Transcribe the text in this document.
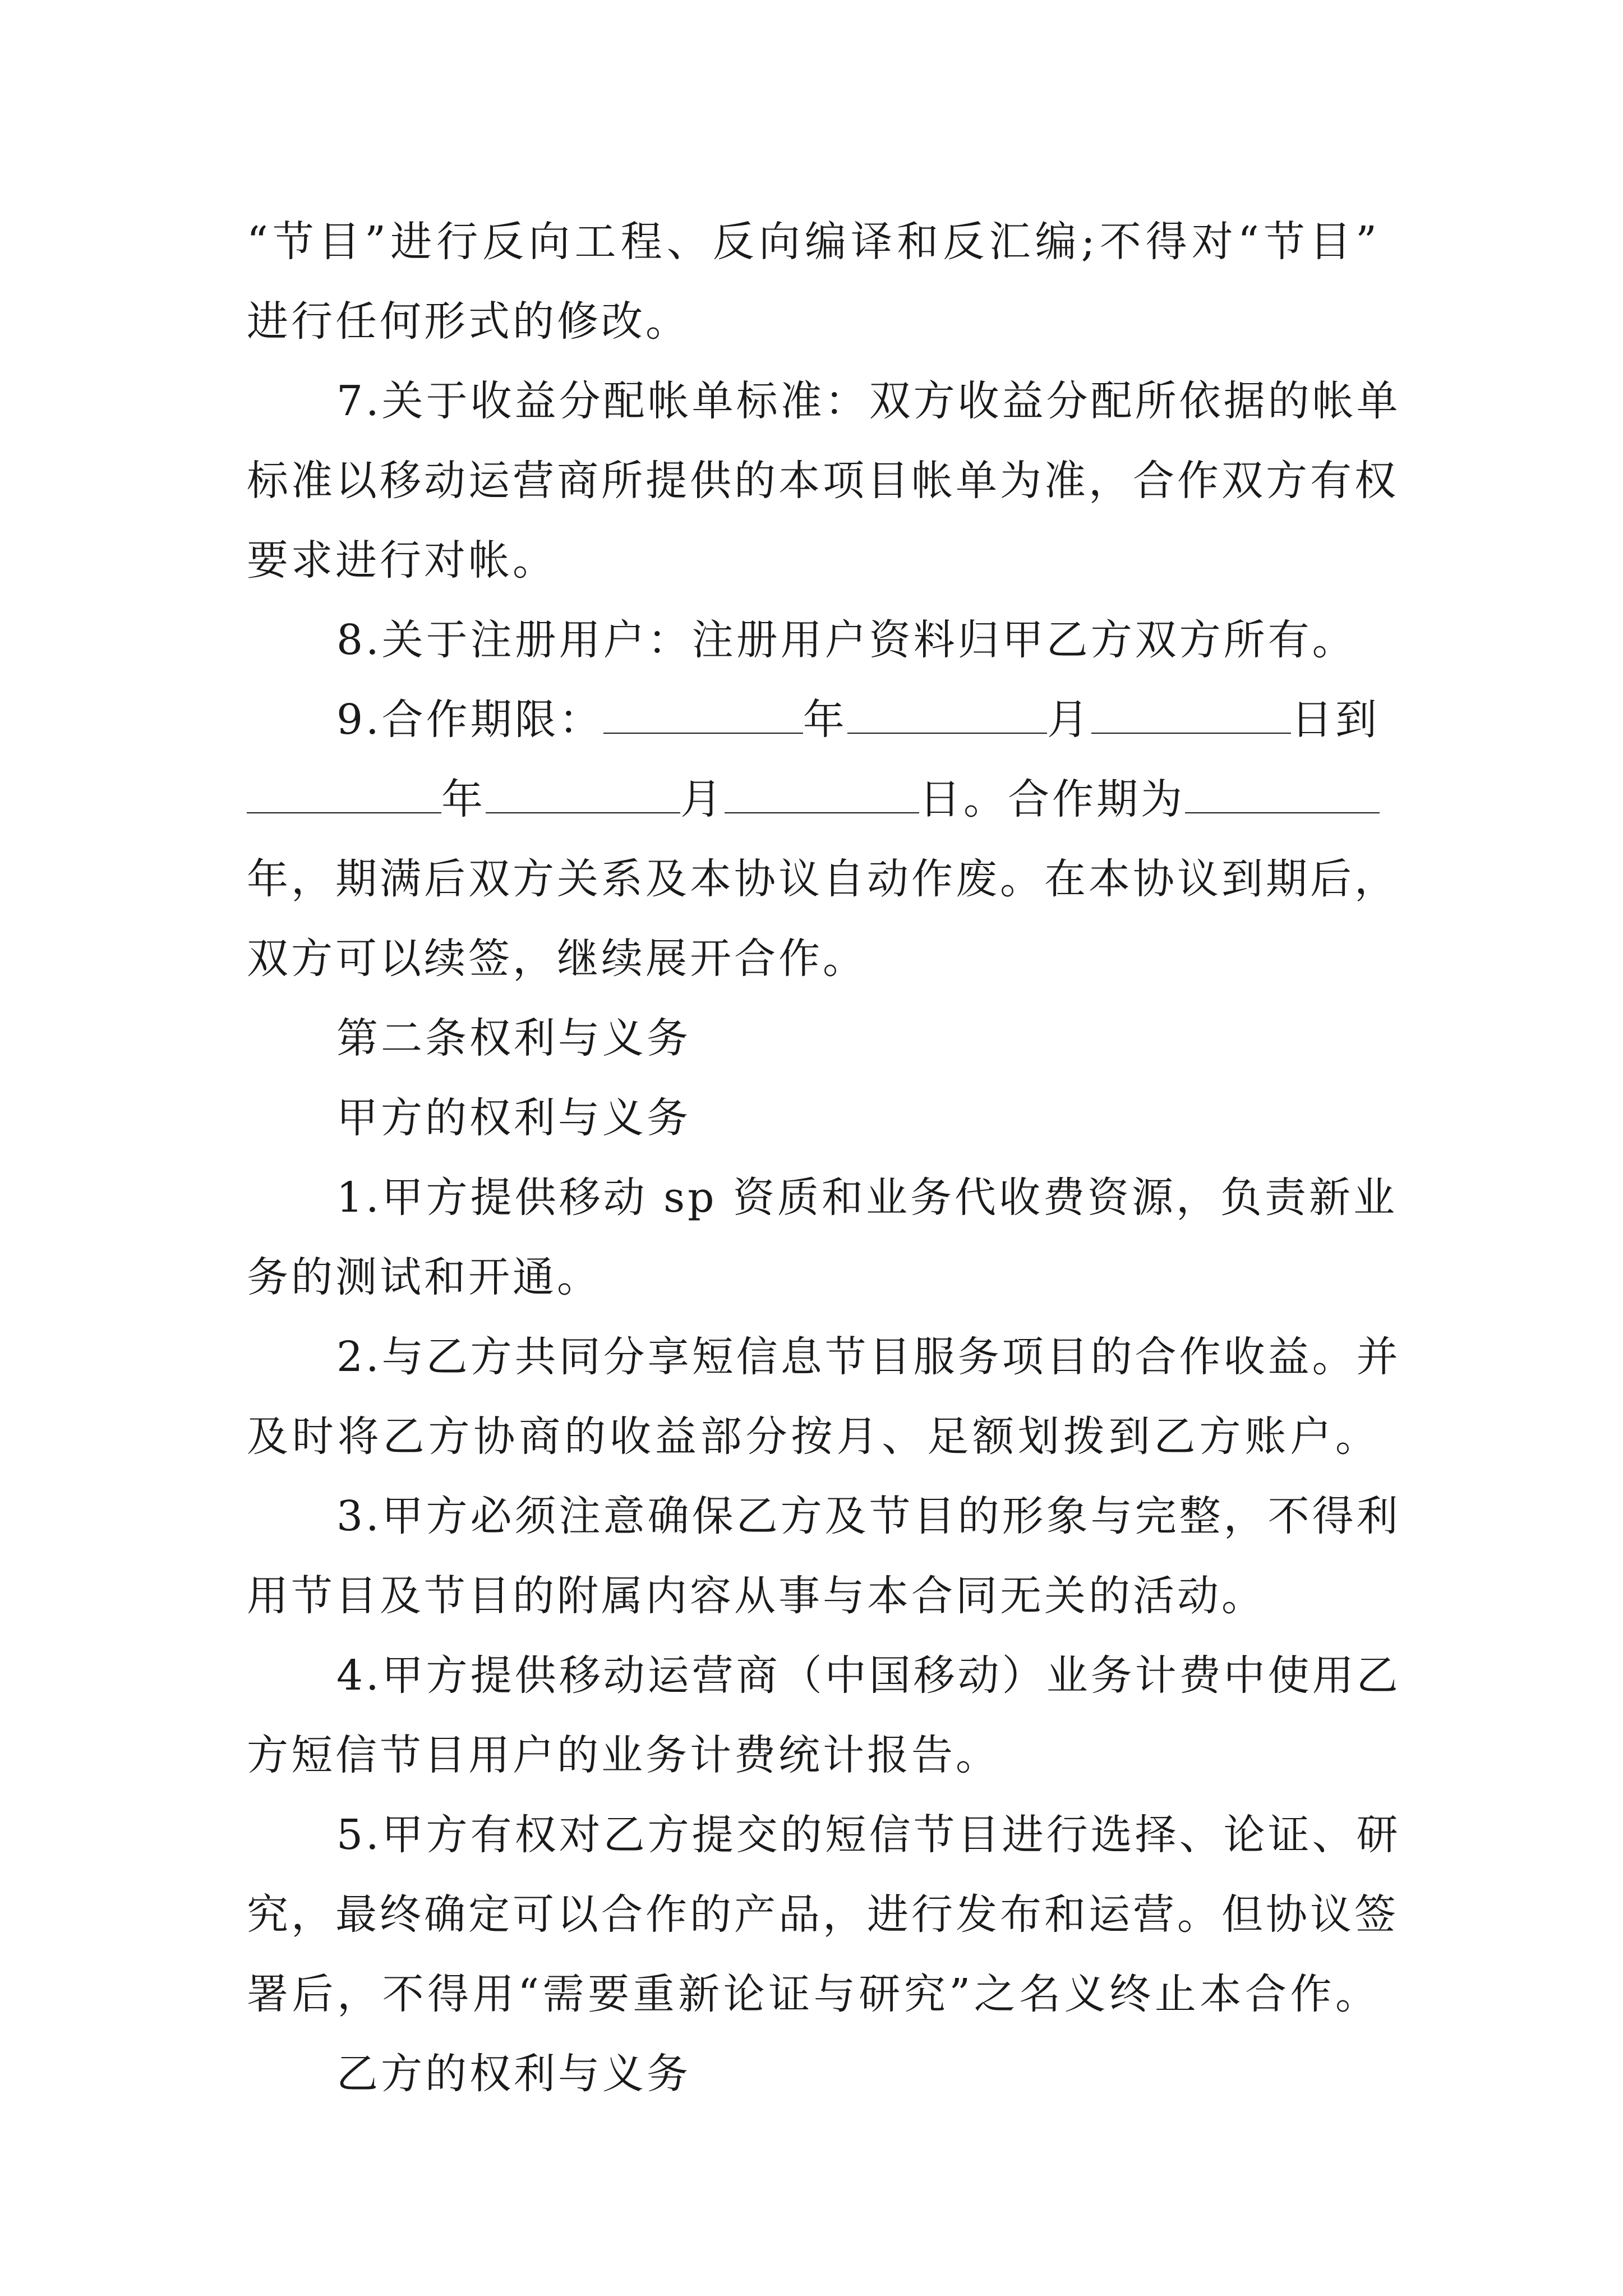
“节目”进行反向工程、反向编译和反汇编;不得对“节目”
进行任何形式的修改。
7.关于收益分配帐单标准：双方收益分配所依据的帐单
标准以移动运营商所提供的本项目帐单为准，合作双方有权
要求进行对帐。
8.关于注册用户：注册用户资料归甲乙方双方所有。
9.合作期限：	年	月	日到
年	月	日。合作期为
年，期满后双方关系及本协议自动作废。在本协议到期后，
双方可以续签，继续展开合作。
第二条权利与义务
甲方的权利与义务
1.甲方提供移动 sp 资质和业务代收费资源，负责新业
务的测试和开通。
2.与乙方共同分享短信息节目服务项目的合作收益。并
及时将乙方协商的收益部分按月、足额划拨到乙方账户。
3.甲方必须注意确保乙方及节目的形象与完整，不得利
用节目及节目的附属内容从事与本合同无关的活动。
4.甲方提供移动运营商（中国移动）业务计费中使用乙
方短信节目用户的业务计费统计报告。
5.甲方有权对乙方提交的短信节目进行选择、论证、研
究，最终确定可以合作的产品，进行发布和运营。但协议签
署后，不得用“需要重新论证与研究”之名义终止本合作。
乙方的权利与义务
